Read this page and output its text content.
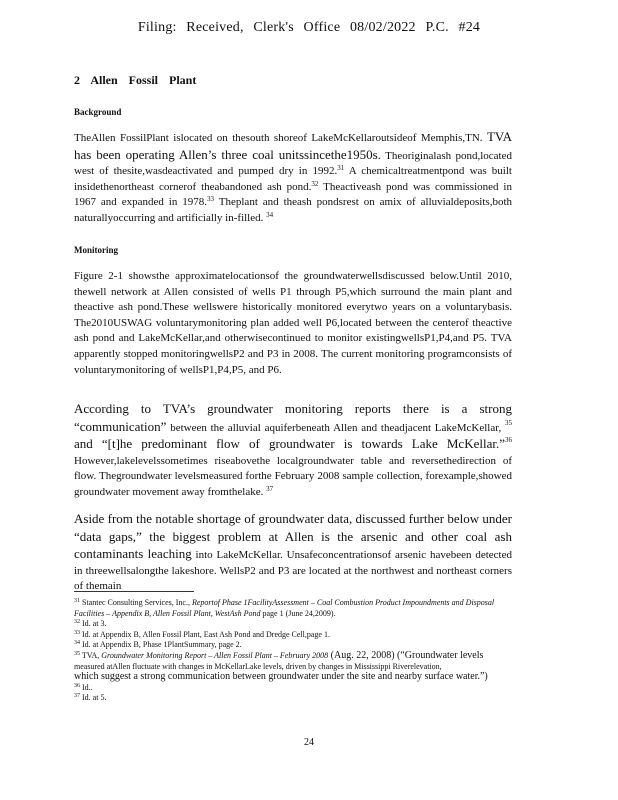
Filing: Received, Clerk's Office 08/02/2022 P.C. #24
2 Allen Fossil Plant
Background
TheAllen FossilPlant islocated on thesouth shoreof LakeMcKellaroutsideof Memphis,TN. TVA has been operating Allen’s three coal unitssincethe1950s. Theoriginalash pond,located west of thesite,wasdeactivated and pumped dry in 1992.31 A chemicaltreatmentpond was built insidethenortheast cornerof theabandoned ash pond.$^{32}$ Theactiveash pond was commissioned in 1967 and expanded in 1978.33 Theplant and theash pondsrest on amix of alluvialdeposits,both naturallyoccurring and artificially in-filled. $^{34}$
Monitoring
Figure 2-1 showsthe approximatelocationsof the groundwaterwellsdiscussed below.Until 2010, thewell network at Allen consisted of wells P1 through P5,which surround the main plant and theactive ash pond.These wellswere historically monitored everytwo years on a voluntarybasis. The2010USWAG voluntarymonitoring plan added well P6,located between the centerof theactive ash pond and LakeMcKellar,and otherwisecontinued to monitor existingwellsP1,P4,and P5. TVA apparently stopped monitoringwellsP2 and P3 in 2008. The current monitoring programconsists of voluntarymonitoring of wellsP1,P4,P5, and P6.
According to TVA’s groundwater monitoring reports there is a strong “communication” between the alluvial aquiferbeneath Allen and theadjacent LakeMcKellar, $^{35}$ and “[t]he predominant flow of groundwater is towards Lake McKellar.”$^{36}$ However,lakelevelssometimes riseabovethe localgroundwater table and reversethedirection of flow. Thegroundwater levelsmeasured forthe February 2008 sample collection, forexample,showed groundwater movement away fromthelake. $^{37}$
Aside from the notable shortage of groundwater data, discussed further below under “data gaps,” the biggest problem at Allen is the arsenic and other coal ash contaminants leaching into LakeMcKellar. Unsafeconcentrationsof arsenic havebeen detected in threewellsalongthe lakeshore. WellsP2 and P3 are located at the northwest and northeast corners of themain
$^{31}$ Stantec Consulting Services, Inc., Reportof Phase 1FacilityAssessment – Coal Combustion Product Impoundments and Disposal Facilities – Appendix B, Allen Fossil Plant, WestAsh Pond page 1 (June 24,2009).
$^{32}$ Id. at 3.
$^{33}$ Id. at Appendix B, Allen Fossil Plant, East Ash Pond and Dredge Cell,page 1.
$^{34}$ Id. at Appendix B, Phase 1PlantSummary, page 2.
$^{35}$ TVA, Groundwater Monitoring Report – Allen Fossil Plant – February 2008 (Aug. 22, 2008) (“Groundwater levels
measured atAllen fluctuate with changes in McKellarLake levels, driven by changes in Mississippi Riverelevation,
which suggest a strong communication between groundwater under the site and nearby surface water.”)
$^{36}$ Id..
$^{37}$ Id. at 5.
24
